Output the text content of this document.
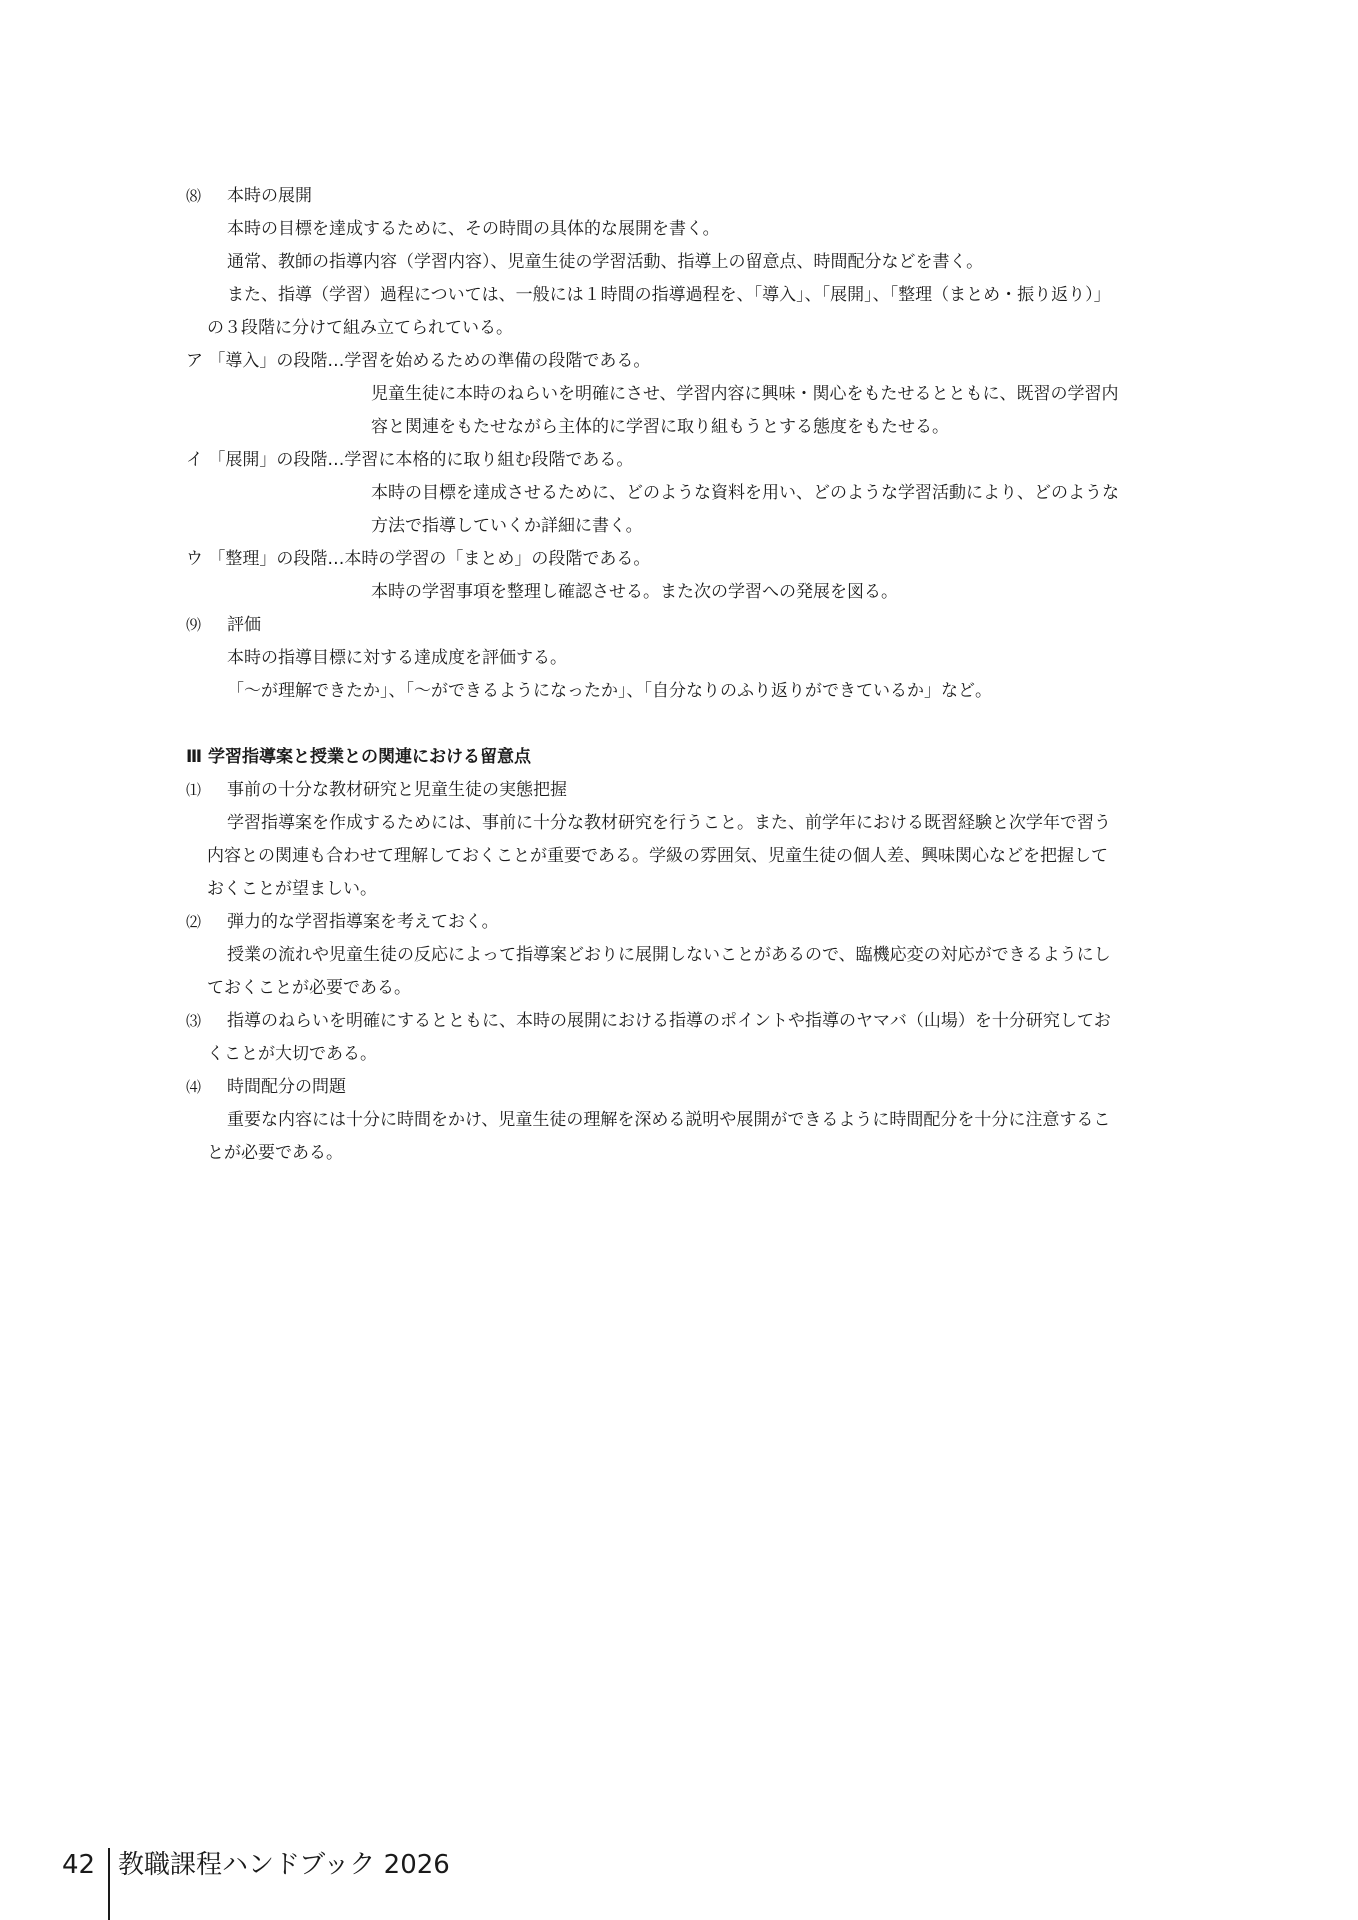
⑻ 本時の展開
本時の目標を達成するために、その時間の具体的な展開を書く。
通常、教師の指導内容（学習内容）、児童生徒の学習活動、指導上の留意点、時間配分などを書く。
また、指導（学習）過程については、一般には１時間の指導過程を、「導入」、「展開」、「整理（まとめ・振り返り）」
の３段階に分けて組み立てられている。
ア 「導入」の段階…学習を始めるための準備の段階である。
児童生徒に本時のねらいを明確にさせ、学習内容に興味・関心をもたせるとともに、既習の学習内
容と関連をもたせながら主体的に学習に取り組もうとする態度をもたせる。
イ 「展開」の段階…学習に本格的に取り組む段階である。
本時の目標を達成させるために、どのような資料を用い、どのような学習活動により、どのような
方法で指導していくか詳細に書く。
ウ 「整理」の段階…本時の学習の「まとめ」の段階である。
本時の学習事項を整理し確認させる。また次の学習への発展を図る。
⑼ 評価
本時の指導目標に対する達成度を評価する。
「～が理解できたか」、「～ができるようになったか」、「自分なりのふり返りができているか」など。
Ⅲ 学習指導案と授業との関連における留意点
⑴ 事前の十分な教材研究と児童生徒の実態把握
学習指導案を作成するためには、事前に十分な教材研究を行うこと。また、前学年における既習経験と次学年で習う
内容との関連も合わせて理解しておくことが重要である。学級の雰囲気、児童生徒の個人差、興味関心などを把握して
おくことが望ましい。
⑵ 弾力的な学習指導案を考えておく。
授業の流れや児童生徒の反応によって指導案どおりに展開しないことがあるので、臨機応変の対応ができるようにし
ておくことが必要である。
⑶ 指導のねらいを明確にするとともに、本時の展開における指導のポイントや指導のヤマバ（山場）を十分研究してお
くことが大切である。
⑷ 時間配分の問題
重要な内容には十分に時間をかけ、児童生徒の理解を深める説明や展開ができるように時間配分を十分に注意するこ
とが必要である。
42 教職課程ハンドブック 2026
